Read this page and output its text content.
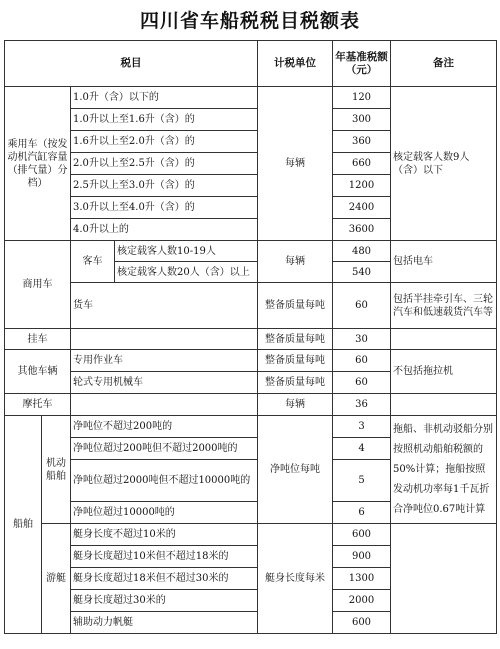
四川省车船税税目税额表
税目				计税单位	年基准税额（元）	备注
乘用车（按发动机汽缸容量（排气量）分档）		1.0升（含）以下的		每辆	120	核定载客人数9人（含）以下
		1.0升以上至1.6升（含）的			300	
		1.6升以上至2.0升（含）的			360	
		2.0升以上至2.5升（含）的			660	
		2.5升以上至3.0升（含）的			1200	
		3.0升以上至4.0升（含）的			2400	
		4.0升以上的			3600	
商用车		客车	核定载客人数10-19人	每辆	480	包括电车
			核定载客人数20人（含）以上		540	
		货车		整备质量每吨	60	包括半挂牵引车、三轮汽车和低速载货汽车等
挂车				整备质量每吨	30	
其他车辆		专用作业车		整备质量每吨	60	不包括拖拉机
		轮式专用机械车		整备质量每吨	60	
摩托车				每辆	36	
船舶	机动船舶	净吨位不超过200吨的		净吨位每吨	3	拖船、非机动驳船分别按照机动船舶税额的50%计算；拖船按照发动机功率每1千瓦折合净吨位0.67吨计算
		净吨位超过200吨但不超过2000吨的			4	
		净吨位超过2000吨但不超过10000吨的			5	
		净吨位超过10000吨的			6	
	游艇	艇身长度不超过10米的		艇身长度每米	600	
		艇身长度超过10米但不超过18米的			900	
		艇身长度超过18米但不超过30米的			1300	
		艇身长度超过30米的			2000	
		辅助动力帆艇			600	
